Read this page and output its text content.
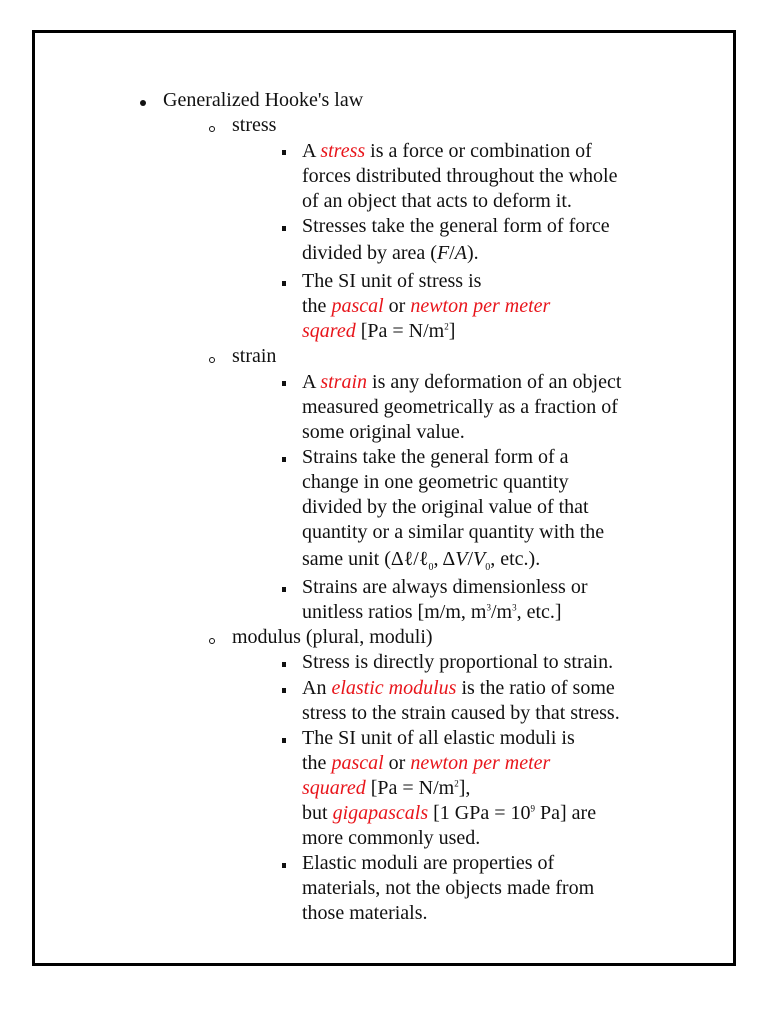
Generalized Hooke's law
stress
A stress is a force or combination of
forces distributed throughout the whole
of an object that acts to deform it.
Stresses take the general form of force
divided by area (F/A).
The SI unit of stress is
the pascal or newton per meter
sqared $[Pa = N/m^2]$
strain
A strain is any deformation of an object
measured geometrically as a fraction of
some original value.
Strains take the general form of a
change in one geometric quantity
divided by the original value of that
quantity or a similar quantity with the
same unit (Δℓ/ℓ$_0$, $\Delta V/V_0$, etc.).
Strains are always dimensionless or
unitless ratios [m/m, $m^3/m^3$, etc.]
modulus (plural, moduli)
Stress is directly proportional to strain.
An elastic modulus is the ratio of some
stress to the strain caused by that stress.
The SI unit of all elastic moduli is
the pascal or newton per meter
squared $[Pa = N/m^2]$,
but gigapascals [1 GPa = $10^9$ Pa] are
more commonly used.
Elastic moduli are properties of
materials, not the objects made from
those materials.
